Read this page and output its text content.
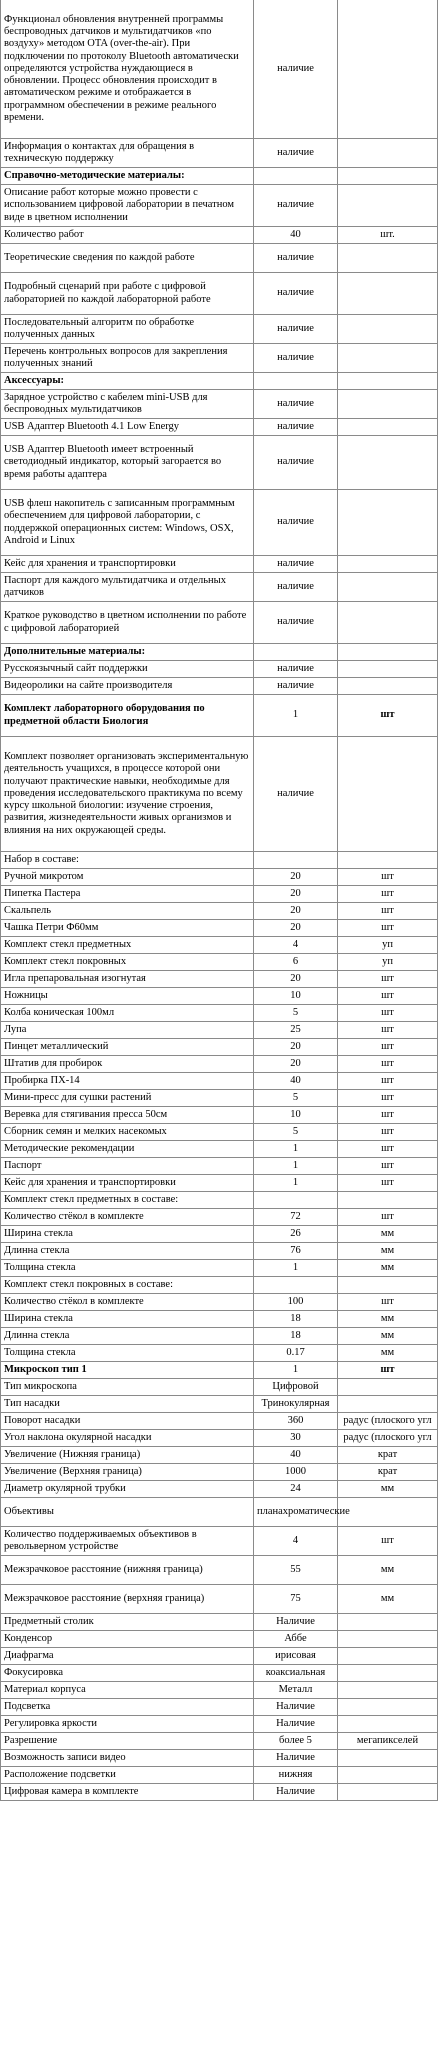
Функционал обновления внутренней программы беспроводных датчиков и мультидатчиков «по воздуху» методом OTA (over-the-air). При подключении по протоколу Bluetooth автоматически определяются устройства нуждающиеся в обновлении. Процесс обновления происходит в автоматическом режиме и отображается в программном обеспечении в режиме реального времени.	наличие	
Информация о контактах для обращения в техническую поддержку	наличие	
Справочно-методические материалы:		
Описание работ которые можно провести с использованием цифровой лаборатории в печатном виде в цветном исполнении	наличие	
Количество работ	40	шт.
Теоретические сведения по каждой работе	наличие	
Подробный сценарий при работе с цифровой лабораторией по каждой лабораторной работе	наличие	
Последовательный алгоритм по обработке полученных данных	наличие	
Перечень контрольных вопросов для закрепления полученных знаний	наличие	
Аксессуары:		
Зарядное устройство с кабелем mini-USB для беспроводных мультидатчиков	наличие	
USB Адаптер Bluetooth 4.1 Low Energy	наличие	
USB Адаптер Bluetooth имеет встроенный светодиодный индикатор, который загорается во время работы адаптера	наличие	
USB флеш накопитель с записанным программным обеспечением для цифровой лаборатории, с поддержкой операционных систем: Windows, OSX, Android и Linux	наличие	
Кейс для хранения и транспортировки	наличие	
Паспорт для каждого мультидатчика и отдельных датчиков	наличие	
Краткое руководство в цветном исполнении по работе с цифровой лабораторией	наличие	
Дополнительные материалы:		
Русскоязычный сайт поддержки	наличие	
Видеоролики на сайте производителя	наличие	
Комплект лабораторного оборудования по предметной области Биология	1	шт
Комплект позволяет организовать экспериментальную деятельность учащихся, в процессе которой они получают практические навыки, необходимые для проведения исследовательского практикума по всему курсу школьной биологии: изучение строения, развития, жизнедеятельности живых организмов и влияния на них окружающей среды.	наличие	
Набор в составе:		
Ручной микротом	20	шт
Пипетка Пастера	20	шт
Скальпель	20	шт
Чашка Петри Ф60мм	20	шт
Комплект стекл предметных	4	уп
Комплект стекл покровных	6	уп
Игла препаровальная изогнутая	20	шт
Ножницы	10	шт
Колба коническая 100мл	5	шт
Лупа	25	шт
Пинцет металлический	20	шт
Штатив для пробирок	20	шт
Пробирка ПХ-14	40	шт
Мини-пресс для сушки растений	5	шт
Веревка для стягивания пресса 50см	10	шт
Сборник семян и мелких насекомых	5	шт
Методические рекомендации	1	шт
Паспорт	1	шт
Кейс для хранения и транспортировки	1	шт
Комплект стекл предметных в составе:		
Количество стёкол в комплекте	72	шт
Ширина стекла	26	мм
Длинна стекла	76	мм
Толщина стекла	1	мм
Комплект стекл покровных в составе:		
Количество стёкол в комплекте	100	шт
Ширина стекла	18	мм
Длинна стекла	18	мм
Толщина стекла	0.17	мм
Микроскоп тип 1	1	шт
Тип микроскопа	Цифровой	
Тип насадки	Тринокулярная	
Поворот насадки	360	радус (плоского угл
Угол наклона окулярной насадки	30	радус (плоского угл
Увеличение (Нижняя граница)	40	крат
Увеличение (Верхняя граница)	1000	крат
Диаметр окулярной трубки	24	мм
Объективы	планахроматические	
Количество поддерживаемых объективов в револьверном устройстве	4	шт
Межзрачковое расстояние (нижняя граница)	55	мм
Межзрачковое расстояние (верхняя граница)	75	мм
Предметный столик	Наличие	
Конденсор	Аббе	
Диафрагма	ирисовая	
Фокусировка	коаксиальная	
Материал корпуса	Металл	
Подсветка	Наличие	
Регулировка яркости	Наличие	
Разрешение	более 5	мегапикселей
Возможность записи видео	Наличие	
Расположение подсветки	нижняя	
Цифровая камера в комплекте	Наличие	
